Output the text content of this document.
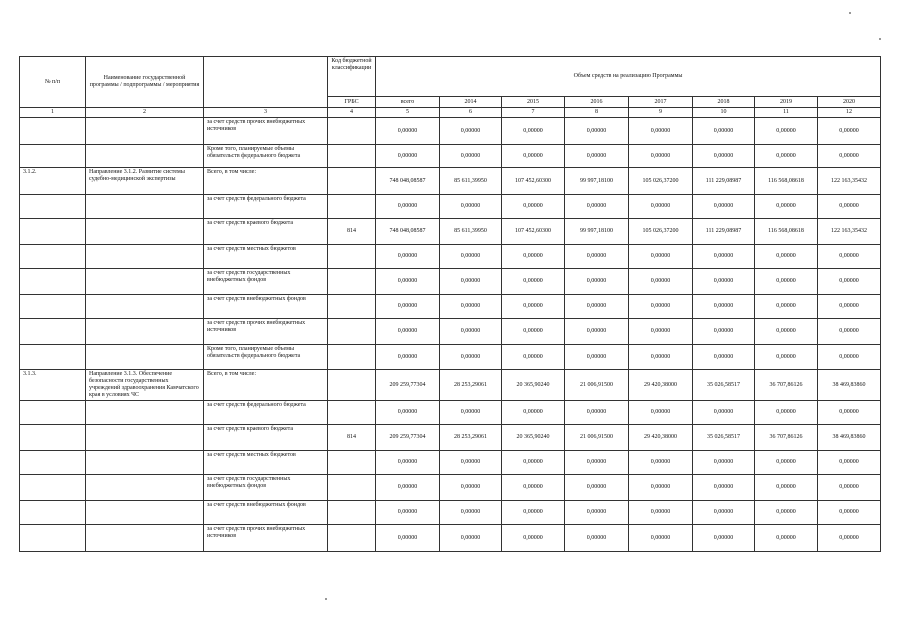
№ п/п	Наименование государственной программы / подпрограммы / мероприятия		Код бюджетной классификации	Объем средств на реализацию Программы							
			ГРБС	всего	2014	2015	2016	2017	2018	2019	2020
1	2	3	4	5	6	7	8	9	10	11	12
		за счет средств прочих внебюджетных источников		0,00000	0,00000	0,00000	0,00000	0,00000	0,00000	0,00000	0,00000
		Кроме того, планируемые объемы обязательств федерального бюджета		0,00000	0,00000	0,00000	0,00000	0,00000	0,00000	0,00000	0,00000
3.1.2.	Направление 3.1.2. Развитие системы судебно-медицинской экспертизы	Всего, в том числе:		748 048,08587	85 611,39950	107 452,60300	99 997,18100	105 026,37200	111 229,08987	116 568,08618	122 163,35432
		за счет средств федерального бюджета		0,00000	0,00000	0,00000	0,00000	0,00000	0,00000	0,00000	0,00000
		за счет средств краевого бюджета	814	748 048,08587	85 611,39950	107 452,60300	99 997,18100	105 026,37200	111 229,08987	116 568,08618	122 163,35432
		за счет средств местных бюджетов		0,00000	0,00000	0,00000	0,00000	0,00000	0,00000	0,00000	0,00000
		за счет средств государственных внебюджетных фондов		0,00000	0,00000	0,00000	0,00000	0,00000	0,00000	0,00000	0,00000
		за счет средств внебюджетных фондов		0,00000	0,00000	0,00000	0,00000	0,00000	0,00000	0,00000	0,00000
		за счет средств прочих внебюджетных источников		0,00000	0,00000	0,00000	0,00000	0,00000	0,00000	0,00000	0,00000
		Кроме того, планируемые объемы обязательств федерального бюджета		0,00000	0,00000	0,00000	0,00000	0,00000	0,00000	0,00000	0,00000
3.1.3.	Направление 3.1.3. Обеспечение безопасности государственных учреждений здравоохранения Камчатского края в условиях ЧС	Всего, в том числе:		209 259,77304	28 253,29061	20 365,90240	21 006,91500	29 420,38000	35 026,58517	36 707,86126	38 469,83860
		за счет средств федерального бюджета		0,00000	0,00000	0,00000	0,00000	0,00000	0,00000	0,00000	0,00000
		за счет средств краевого бюджета	814	209 259,77304	28 253,29061	20 365,90240	21 006,91500	29 420,38000	35 026,58517	36 707,86126	38 469,83860
		за счет средств местных бюджетов		0,00000	0,00000	0,00000	0,00000	0,00000	0,00000	0,00000	0,00000
		за счет средств государственных внебюджетных фондов		0,00000	0,00000	0,00000	0,00000	0,00000	0,00000	0,00000	0,00000
		за счет средств внебюджетных фондов		0,00000	0,00000	0,00000	0,00000	0,00000	0,00000	0,00000	0,00000
		за счет средств прочих внебюджетных источников		0,00000	0,00000	0,00000	0,00000	0,00000	0,00000	0,00000	0,00000
